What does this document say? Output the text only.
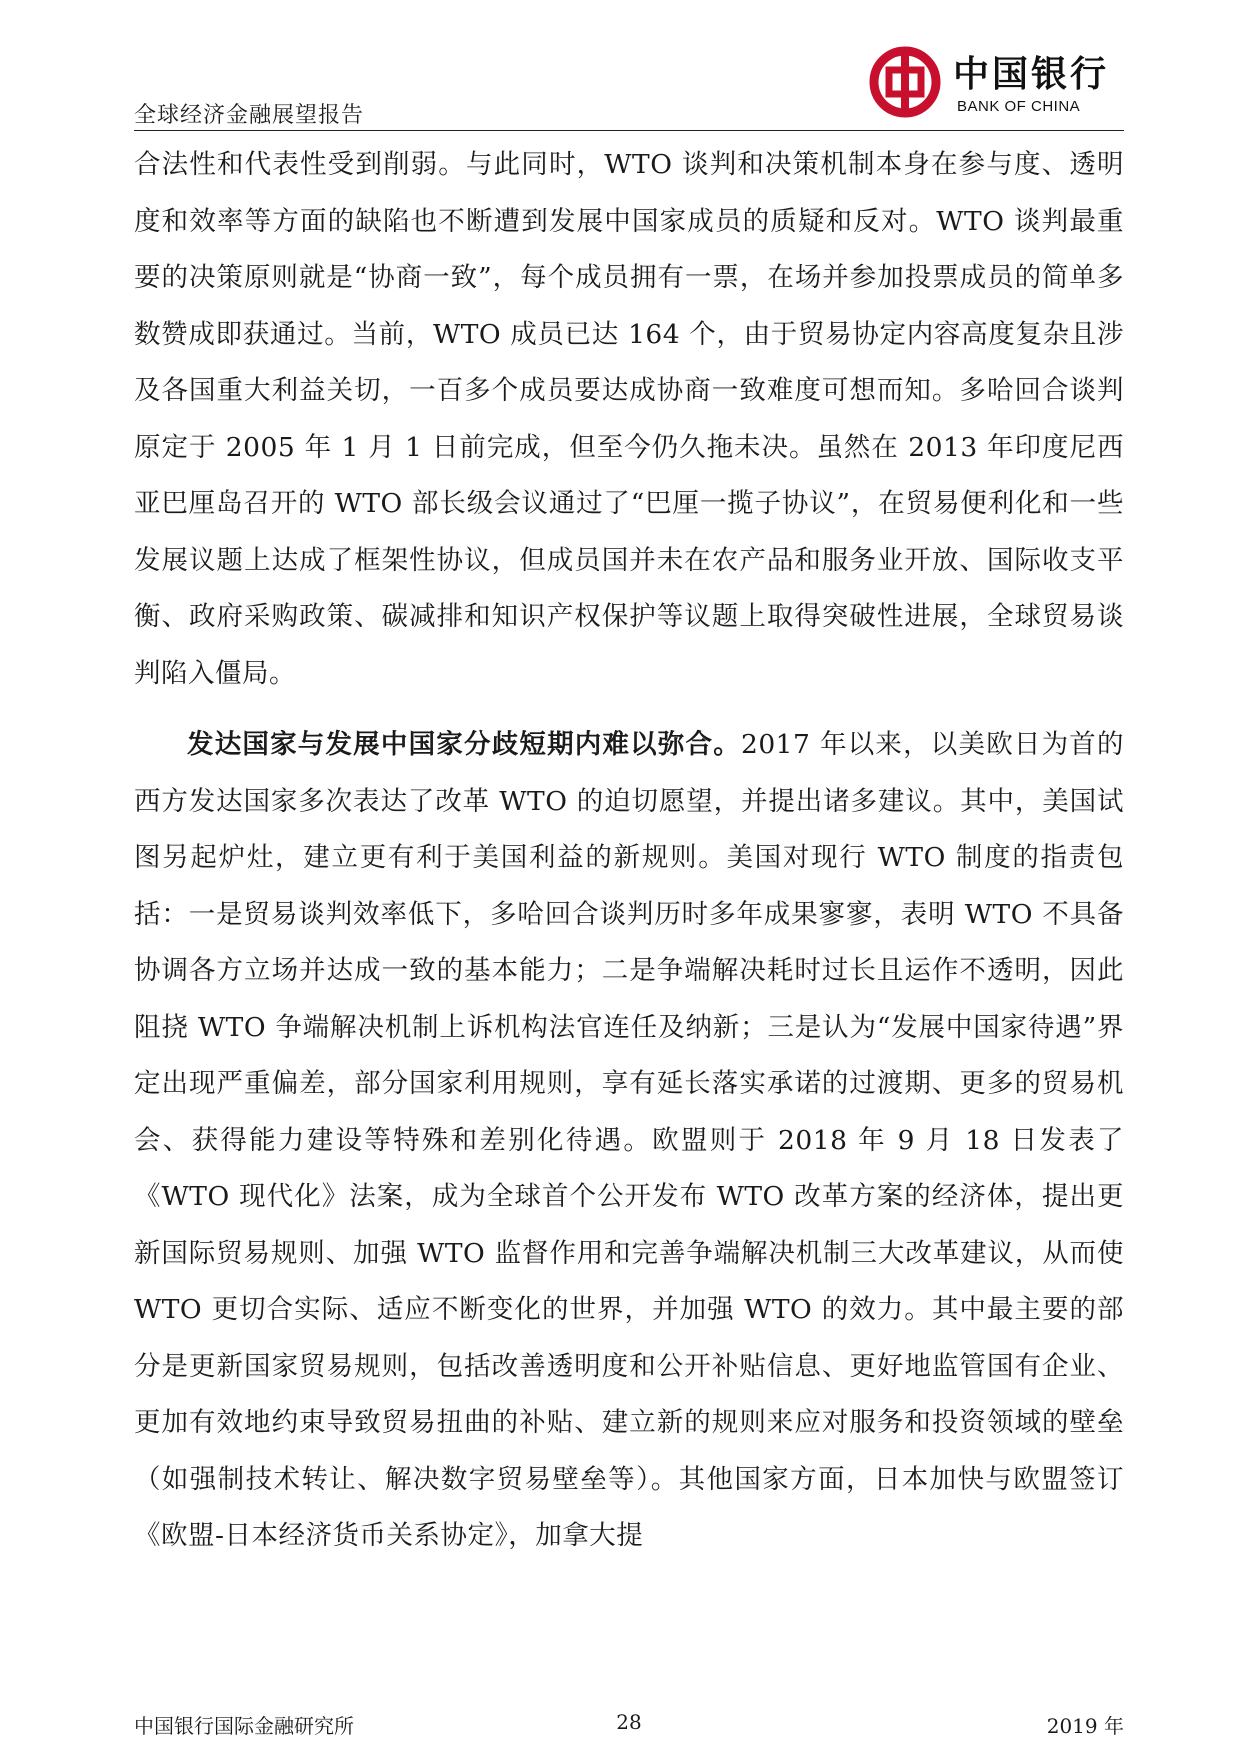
全球经济金融展望报告
中国银行
BANK OF CHINA

合法性和代表性受到削弱。与此同时，WTO 谈判和决策机制本身在参与度、透明度和效率等方面的缺陷也不断遭到发展中国家成员的质疑和反对。WTO 谈判最重要的决策原则就是“协商一致”，每个成员拥有一票，在场并参加投票成员的简单多数赞成即获通过。当前，WTO 成员已达 164 个，由于贸易协定内容高度复杂且涉及各国重大利益关切，一百多个成员要达成协商一致难度可想而知。多哈回合谈判原定于 2005 年 1 月 1 日前完成，但至今仍久拖未决。虽然在 2013 年印度尼西亚巴厘岛召开的 WTO 部长级会议通过了“巴厘一揽子协议”，在贸易便利化和一些发展议题上达成了框架性协议，但成员国并未在农产品和服务业开放、国际收支平衡、政府采购政策、碳减排和知识产权保护等议题上取得突破性进展，全球贸易谈判陷入僵局。

发达国家与发展中国家分歧短期内难以弥合。2017 年以来，以美欧日为首的西方发达国家多次表达了改革 WTO 的迫切愿望，并提出诸多建议。其中，美国试图另起炉灶，建立更有利于美国利益的新规则。美国对现行 WTO 制度的指责包括：一是贸易谈判效率低下，多哈回合谈判历时多年成果寥寥，表明 WTO 不具备协调各方立场并达成一致的基本能力；二是争端解决耗时过长且运作不透明，因此阻挠 WTO 争端解决机制上诉机构法官连任及纳新；三是认为“发展中国家待遇”界定出现严重偏差，部分国家利用规则，享有延长落实承诺的过渡期、更多的贸易机会、获得能力建设等特殊和差别化待遇。欧盟则于 2018 年 9 月 18 日发表了《WTO 现代化》法案，成为全球首个公开发布 WTO 改革方案的经济体，提出更新国际贸易规则、加强 WTO 监督作用和完善争端解决机制三大改革建议，从而使 WTO 更切合实际、适应不断变化的世界，并加强 WTO 的效力。其中最主要的部分是更新国家贸易规则，包括改善透明度和公开补贴信息、更好地监管国有企业、更加有效地约束导致贸易扭曲的补贴、建立新的规则来应对服务和投资领域的壁垒（如强制技术转让、解决数字贸易壁垒等）。其他国家方面，日本加快与欧盟签订《欧盟-日本经济货币关系协定》，加拿大提

中国银行国际金融研究所	28	2019 年
